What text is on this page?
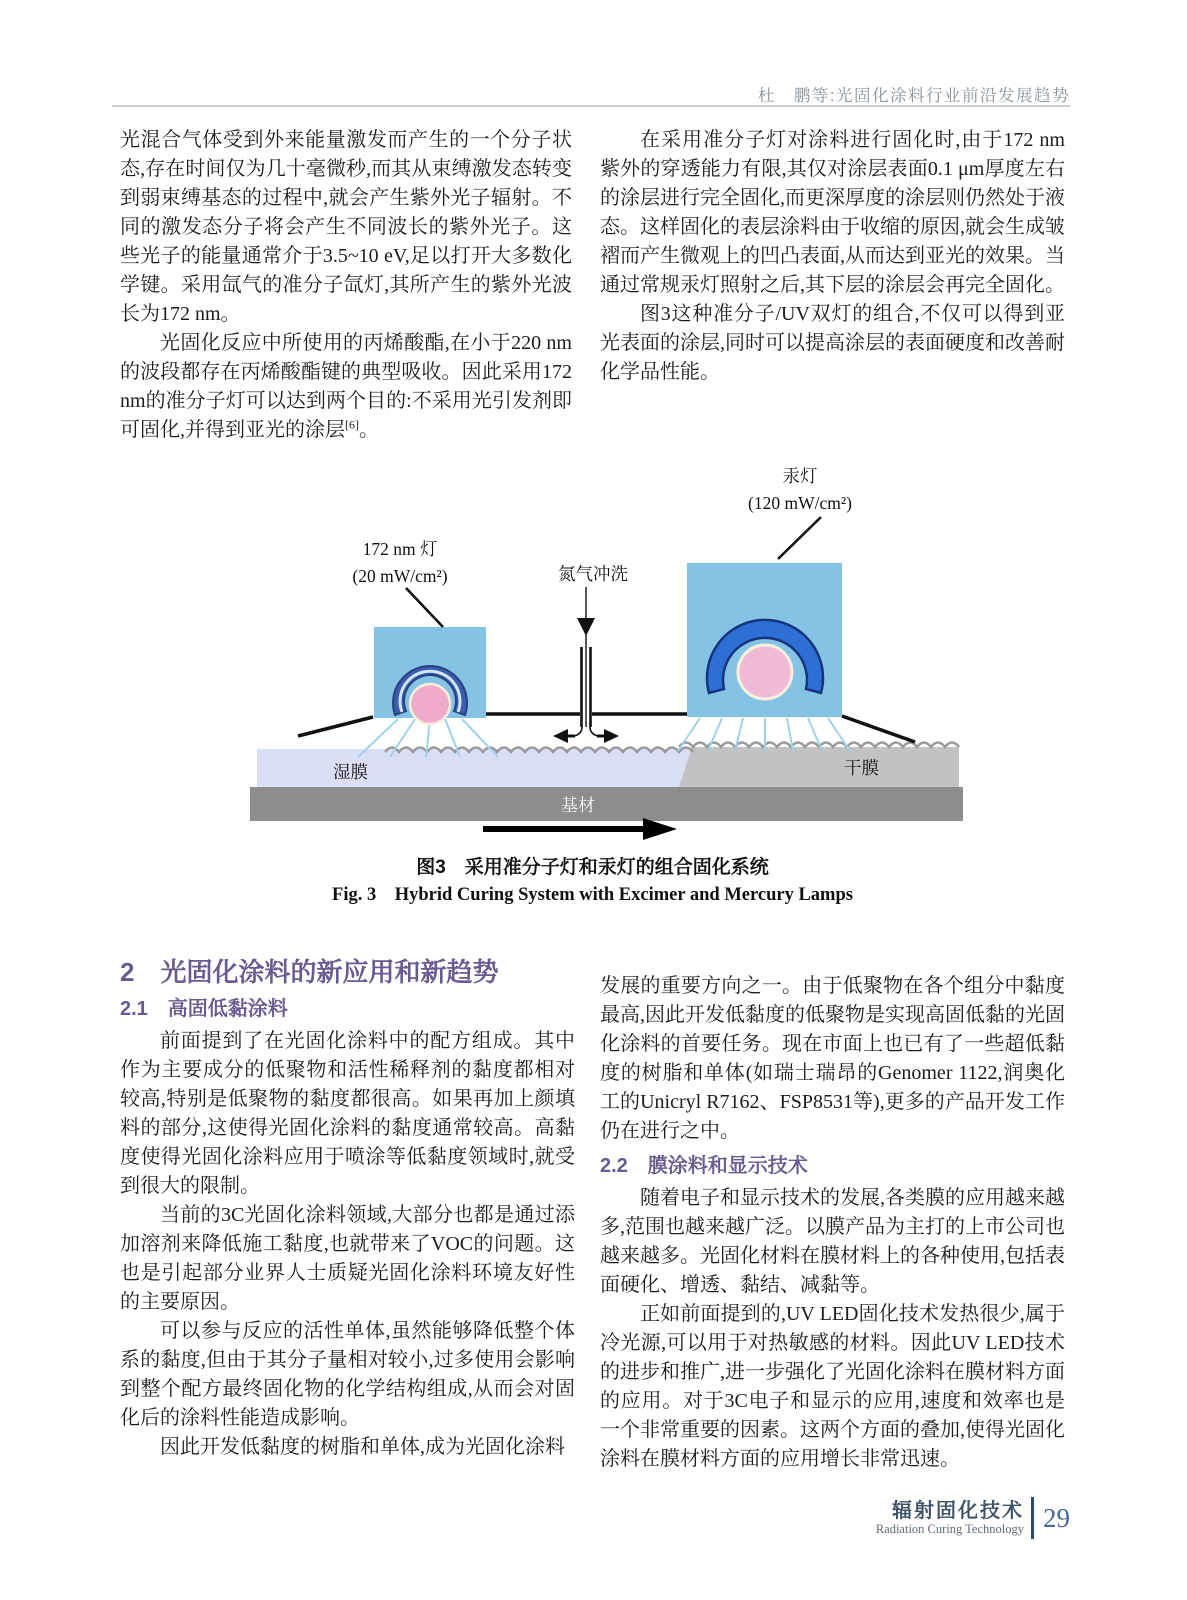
杜　鹏等:光固化涂料行业前沿发展趋势

光混合气体受到外来能量激发而产生的一个分子状态,存在时间仅为几十毫微秒,而其从束缚激发态转变到弱束缚基态的过程中,就会产生紫外光子辐射。不同的激发态分子将会产生不同波长的紫外光子。这些光子的能量通常介于3.5~10 eV,足以打开大多数化学键。采用氙气的准分子氙灯,其所产生的紫外光波长为172 nm。

光固化反应中所使用的丙烯酸酯,在小于220 nm的波段都存在丙烯酸酯键的典型吸收。因此采用172 nm的准分子灯可以达到两个目的:不采用光引发剂即可固化,并得到亚光的涂层[6]。

在采用准分子灯对涂料进行固化时,由于172 nm紫外的穿透能力有限,其仅对涂层表面0.1 μm厚度左右的涂层进行完全固化,而更深厚度的涂层则仍然处于液态。这样固化的表层涂料由于收缩的原因,就会生成皱褶而产生微观上的凹凸表面,从而达到亚光的效果。当通过常规汞灯照射之后,其下层的涂层会再完全固化。

图3这种准分子/UV双灯的组合,不仅可以得到亚光表面的涂层,同时可以提高涂层的表面硬度和改善耐化学品性能。

172 nm 灯
(20 mW/cm²)	氮气冲洗
汞灯
(120 mW/cm²)
湿膜	干膜
基材
图3　采用准分子灯和汞灯的组合固化系统
Fig. 3　Hybrid Curing System with Excimer and Mercury Lamps
2　光固化涂料的新应用和新趋势
2.1　高固低黏涂料

前面提到了在光固化涂料中的配方组成。其中作为主要成分的低聚物和活性稀释剂的黏度都相对较高,特别是低聚物的黏度都很高。如果再加上颜填料的部分,这使得光固化涂料的黏度通常较高。高黏度使得光固化涂料应用于喷涂等低黏度领域时,就受到很大的限制。

当前的3C光固化涂料领域,大部分也都是通过添加溶剂来降低施工黏度,也就带来了VOC的问题。这也是引起部分业界人士质疑光固化涂料环境友好性的主要原因。

可以参与反应的活性单体,虽然能够降低整个体系的黏度,但由于其分子量相对较小,过多使用会影响到整个配方最终固化物的化学结构组成,从而会对固化后的涂料性能造成影响。

因此开发低黏度的树脂和单体,成为光固化涂料

发展的重要方向之一。由于低聚物在各个组分中黏度最高,因此开发低黏度的低聚物是实现高固低黏的光固化涂料的首要任务。现在市面上也已有了一些超低黏度的树脂和单体(如瑞士瑞昂的Genomer 1122,润奥化工的Unicryl R7162、FSP8531等),更多的产品开发工作仍在进行之中。

2.2　膜涂料和显示技术

随着电子和显示技术的发展,各类膜的应用越来越多,范围也越来越广泛。以膜产品为主打的上市公司也越来越多。光固化材料在膜材料上的各种使用,包括表面硬化、增透、黏结、减黏等。

正如前面提到的,UV LED固化技术发热很少,属于冷光源,可以用于对热敏感的材料。因此UV LED技术的进步和推广,进一步强化了光固化涂料在膜材料方面的应用。对于3C电子和显示的应用,速度和效率也是一个非常重要的因素。这两个方面的叠加,使得光固化涂料在膜材料方面的应用增长非常迅速。

辐射固化技术
Radiation Curing Technology 29
